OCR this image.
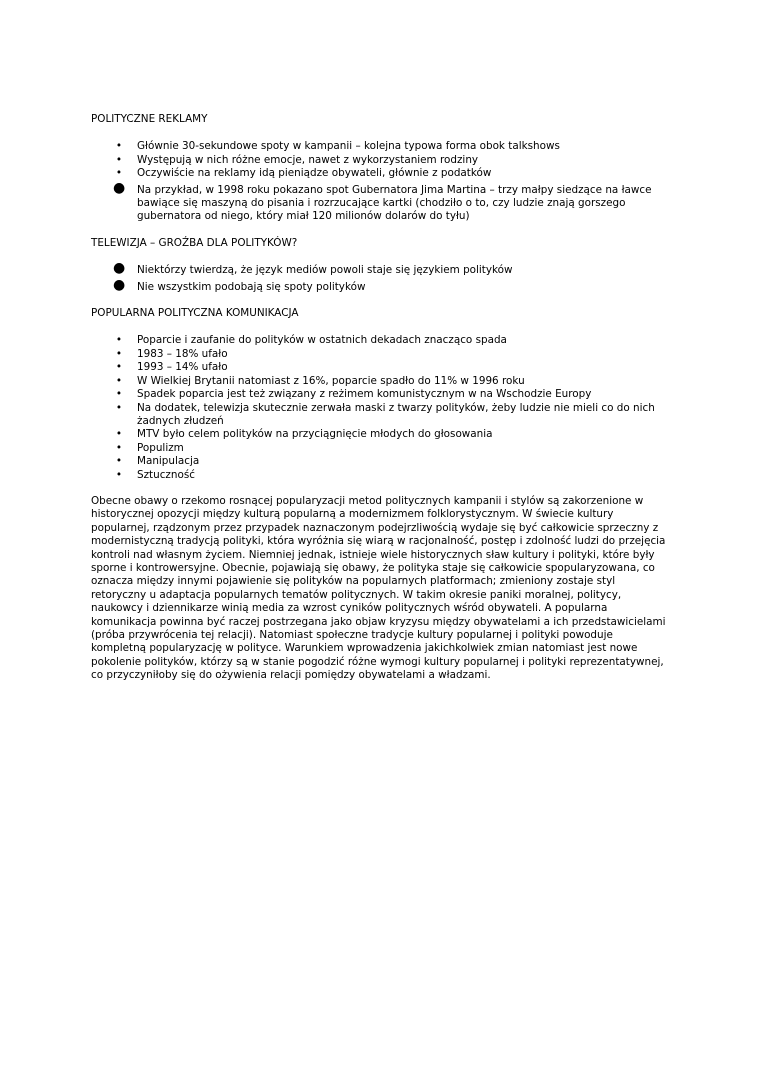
POLITYCZNE REKLAMY
• Głównie 30-sekundowe spoty w kampanii – kolejna typowa forma obok talkshows
• Występują w nich różne emocje, nawet z wykorzystaniem rodziny
• Oczywiście na reklamy idą pieniądze obywateli, głównie z podatków
● Na przykład, w 1998 roku pokazano spot Gubernatora Jima Martina – trzy małpy siedzące na ławce bawiące się maszyną do pisania i rozrzucające kartki (chodziło o to, czy ludzie znają gorszego gubernatora od niego, który miał 120 milionów dolarów do tyłu)
TELEWIZJA – GROŹBA DLA POLITYKÓW?
● Niektórzy twierdzą, że język mediów powoli staje się językiem polityków
● Nie wszystkim podobają się spoty polityków
POPULARNA POLITYCZNA KOMUNIKACJA
• Poparcie i zaufanie do polityków w ostatnich dekadach znacząco spada
• 1983 – 18% ufało
• 1993 – 14% ufało
• W Wielkiej Brytanii natomiast z 16%, poparcie spadło do 11% w 1996 roku
• Spadek poparcia jest też związany z reżimem komunistycznym w na Wschodzie Europy
• Na dodatek, telewizja skutecznie zerwała maski z twarzy polityków, żeby ludzie nie mieli co do nich żadnych złudzeń
• MTV było celem polityków na przyciągnięcie młodych do głosowania
• Populizm
• Manipulacja
• Sztuczność

Obecne obawy o rzekomo rosnącej popularyzacji metod politycznych kampanii i stylów są zakorzenione w historycznej opozycji między kulturą popularną a modernizmem folklorystycznym. W świecie kultury popularnej, rządzonym przez przypadek naznaczonym podejrzliwością wydaje się być całkowicie sprzeczny z modernistyczną tradycją polityki, która wyróżnia się wiarą w racjonalność, postęp i zdolność ludzi do przejęcia kontroli nad własnym życiem. Niemniej jednak, istnieje wiele historycznych sław kultury i polityki, które były sporne i kontrowersyjne. Obecnie, pojawiają się obawy, że polityka staje się całkowicie spopularyzowana, co oznacza między innymi pojawienie się polityków na popularnych platformach; zmieniony zostaje styl retoryczny u adaptacja popularnych tematów politycznych. W takim okresie paniki moralnej, politycy, naukowcy i dziennikarze winią media za wzrost cyników politycznych wśród obywateli. A popularna komunikacja powinna być raczej postrzegana jako objaw kryzysu między obywatelami a ich przedstawicielami (próba przywrócenia tej relacji). Natomiast społeczne tradycje kultury popularnej i polityki powoduje kompletną popularyzację w polityce. Warunkiem wprowadzenia jakichkolwiek zmian natomiast jest nowe pokolenie polityków, którzy są w stanie pogodzić różne wymogi kultury popularnej i polityki reprezentatywnej, co przyczyniłoby się do ożywienia relacji pomiędzy obywatelami a władzami.
